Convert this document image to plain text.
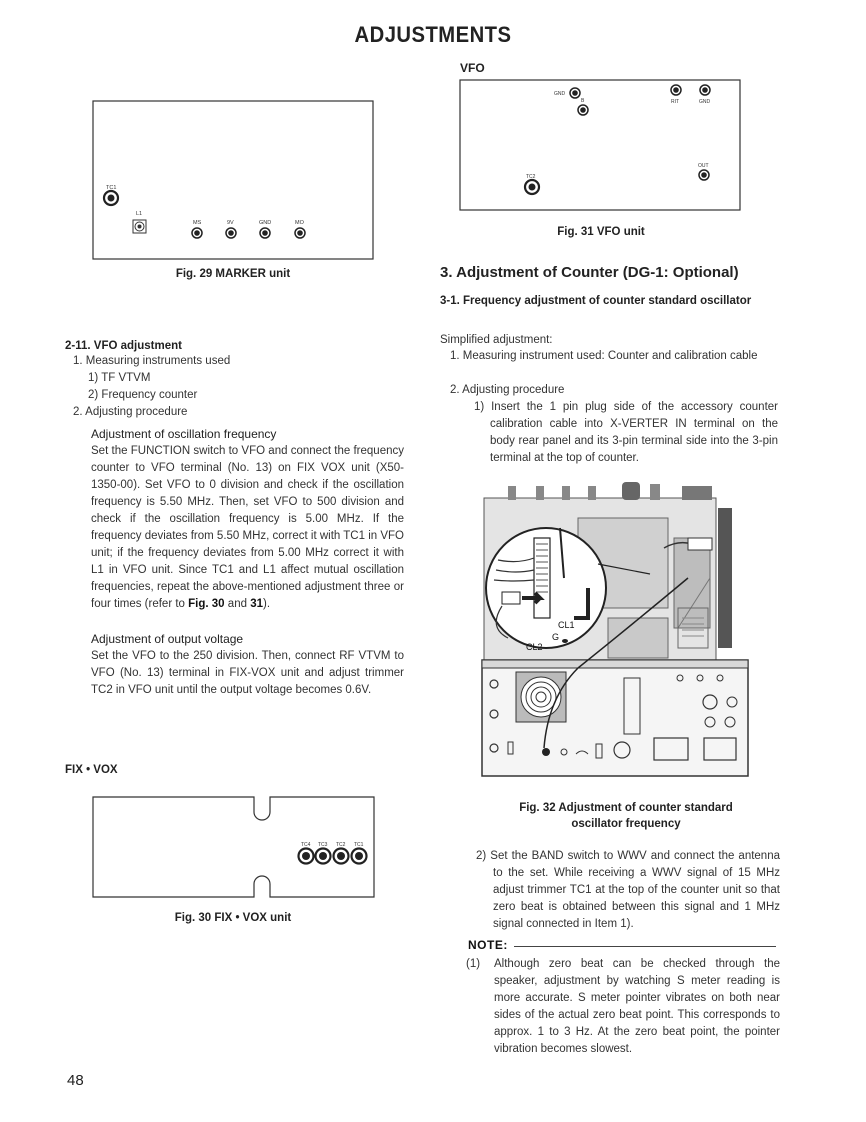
ADJUSTMENTS
TC1
L1
MS	9V	GND	MO
Fig. 29 MARKER unit
2-11. VFO adjustment
1. Measuring instruments used
1) TF VTVM
2) Frequency counter
2. Adjusting procedure
Adjustment of oscillation frequency
Set the FUNCTION switch to VFO and connect the frequency counter to VFO terminal (No. 13) on FIX VOX unit (X50-1350-00). Set VFO to 0 division and check if the oscillation frequency is 5.50 MHz. Then, set VFO to 500 division and check if the oscillation frequency is 5.00 MHz. If the frequency deviates from 5.50 MHz, correct it with TC1 in VFO unit; if the frequency deviates from 5.00 MHz correct it with L1 in VFO unit. Since TC1 and L1 affect mutual oscillation frequencies, repeat the above-mentioned adjustment three or four times (refer to Fig. 30 and 31).
Adjustment of output voltage
Set the VFO to the 250 division. Then, connect RF VTVM to VFO (No. 13) terminal in FIX-VOX unit and adjust trimmer TC2 in VFO unit until the output voltage becomes 0.6V.
FIX • VOX
TC4 TC3 TC2 TC1
Fig. 30 FIX • VOX unit
VFO
GND
B	RIT	GND
OUT
TC2
Fig. 31 VFO unit
3. Adjustment of Counter (DG-1: Optional)
3-1. Frequency adjustment of counter standard oscillator
Simplified adjustment:
1. Measuring instrument used: Counter and calibration cable
2. Adjusting procedure
1) Insert the 1 pin plug side of the accessory counter calibration cable into X-VERTER IN terminal on the body rear panel and its 3-pin terminal side into the 3-pin terminal at the top of counter.
CL1
CL2
G
Fig. 32 Adjustment of counter standard
oscillator frequency
2) Set the BAND switch to WWV and connect the antenna to the set. While receiving a WWV signal of 15 MHz adjust trimmer TC1 at the top of the counter unit so that zero beat is obtained between this signal and 1 MHz signal connected in Item 1).
NOTE:
(1) Although zero beat can be checked through the speaker, adjustment by watching S meter reading is more accurate. S meter pointer vibrates on both near sides of the actual zero beat point. This corresponds to approx. 1 to 3 Hz. At the zero beat point, the pointer vibration becomes slowest.
48
